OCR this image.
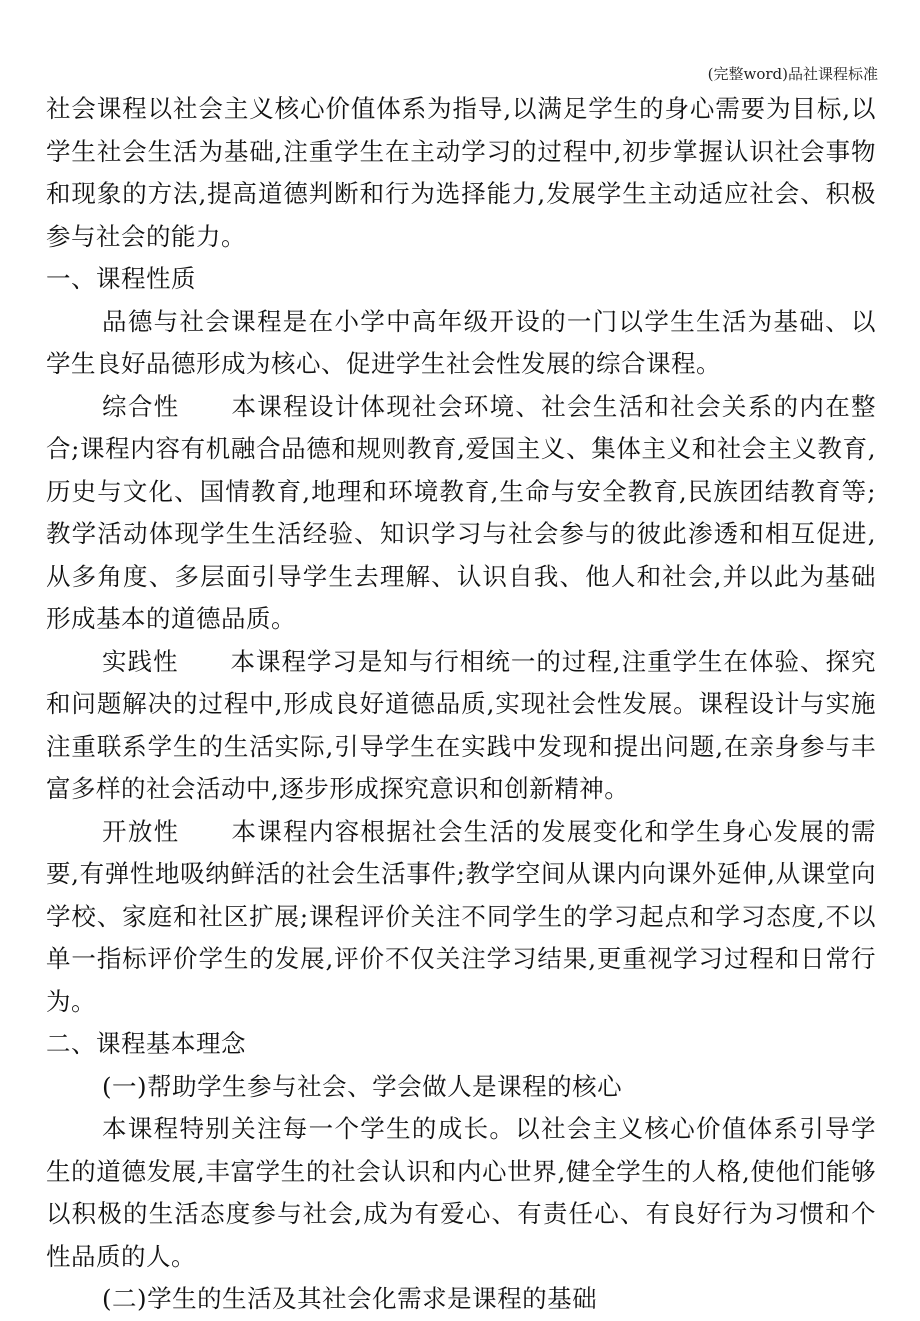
(完整word)品社课程标准

社会课程以社会主义核心价值体系为指导,以满足学生的身心需要为目标,以学生社会生活为基础,注重学生在主动学习的过程中,初步掌握认识社会事物和现象的方法,提高道德判断和行为选择能力,发展学生主动适应社会、积极参与社会的能力。

一、课程性质

品德与社会课程是在小学中高年级开设的一门以学生生活为基础、以学生良好品德形成为核心、促进学生社会性发展的综合课程。

综合性 本课程设计体现社会环境、社会生活和社会关系的内在整合;课程内容有机融合品德和规则教育,爱国主义、集体主义和社会主义教育,历史与文化、国情教育,地理和环境教育,生命与安全教育,民族团结教育等;教学活动体现学生生活经验、知识学习与社会参与的彼此渗透和相互促进,从多角度、多层面引导学生去理解、认识自我、他人和社会,并以此为基础形成基本的道德品质。

实践性 本课程学习是知与行相统一的过程,注重学生在体验、探究和问题解决的过程中,形成良好道德品质,实现社会性发展。课程设计与实施注重联系学生的生活实际,引导学生在实践中发现和提出问题,在亲身参与丰富多样的社会活动中,逐步形成探究意识和创新精神。

开放性 本课程内容根据社会生活的发展变化和学生身心发展的需要,有弹性地吸纳鲜活的社会生活事件;教学空间从课内向课外延伸,从课堂向学校、家庭和社区扩展;课程评价关注不同学生的学习起点和学习态度,不以单一指标评价学生的发展,评价不仅关注学习结果,更重视学习过程和日常行为。

二、课程基本理念

(一)帮助学生参与社会、学会做人是课程的核心

本课程特别关注每一个学生的成长。以社会主义核心价值体系引导学生的道德发展,丰富学生的社会认识和内心世界,健全学生的人格,使他们能够以积极的生活态度参与社会,成为有爱心、有责任心、有良好行为习惯和个性品质的人。

(二)学生的生活及其社会化需求是课程的基础
